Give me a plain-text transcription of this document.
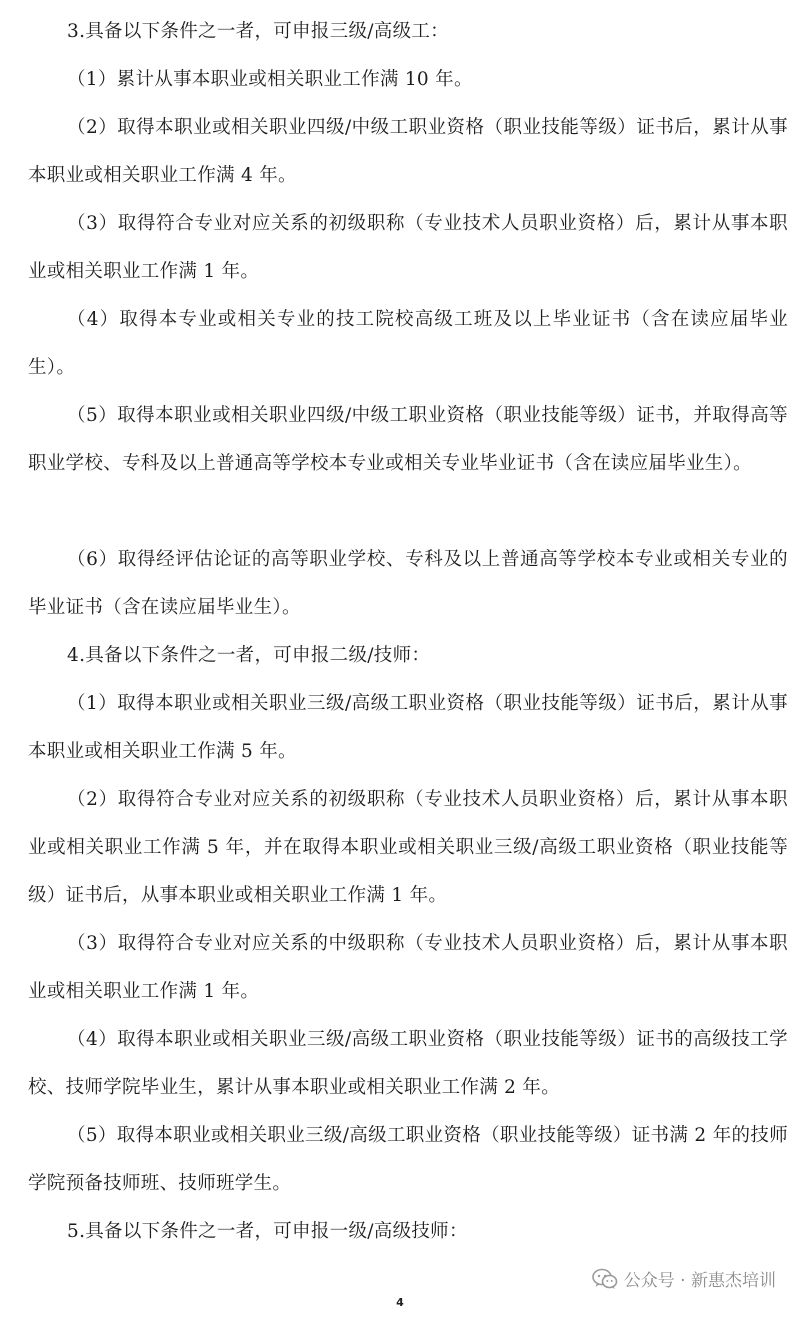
3.具备以下条件之一者，可申报三级/高级工：

（1）累计从事本职业或相关职业工作满 10 年。

（2）取得本职业或相关职业四级/中级工职业资格（职业技能等级）证书后，累计从事本职业或相关职业工作满 4 年。

（3）取得符合专业对应关系的初级职称（专业技术人员职业资格）后，累计从事本职业或相关职业工作满 1 年。

（4）取得本专业或相关专业的技工院校高级工班及以上毕业证书（含在读应届毕业生）。

（5）取得本职业或相关职业四级/中级工职业资格（职业技能等级）证书，并取得高等职业学校、专科及以上普通高等学校本专业或相关专业毕业证书（含在读应届毕业生）。

（6）取得经评估论证的高等职业学校、专科及以上普通高等学校本专业或相关专业的毕业证书（含在读应届毕业生）。

4.具备以下条件之一者，可申报二级/技师：

（1）取得本职业或相关职业三级/高级工职业资格（职业技能等级）证书后，累计从事本职业或相关职业工作满 5 年。

（2）取得符合专业对应关系的初级职称（专业技术人员职业资格）后，累计从事本职业或相关职业工作满 5 年，并在取得本职业或相关职业三级/高级工职业资格（职业技能等级）证书后，从事本职业或相关职业工作满 1 年。

（3）取得符合专业对应关系的中级职称（专业技术人员职业资格）后，累计从事本职业或相关职业工作满 1 年。

（4）取得本职业或相关职业三级/高级工职业资格（职业技能等级）证书的高级技工学校、技师学院毕业生，累计从事本职业或相关职业工作满 2 年。

（5）取得本职业或相关职业三级/高级工职业资格（职业技能等级）证书满 2 年的技师学院预备技师班、技师班学生。

5.具备以下条件之一者，可申报一级/高级技师：

公众号 · 新惠杰培训
4
